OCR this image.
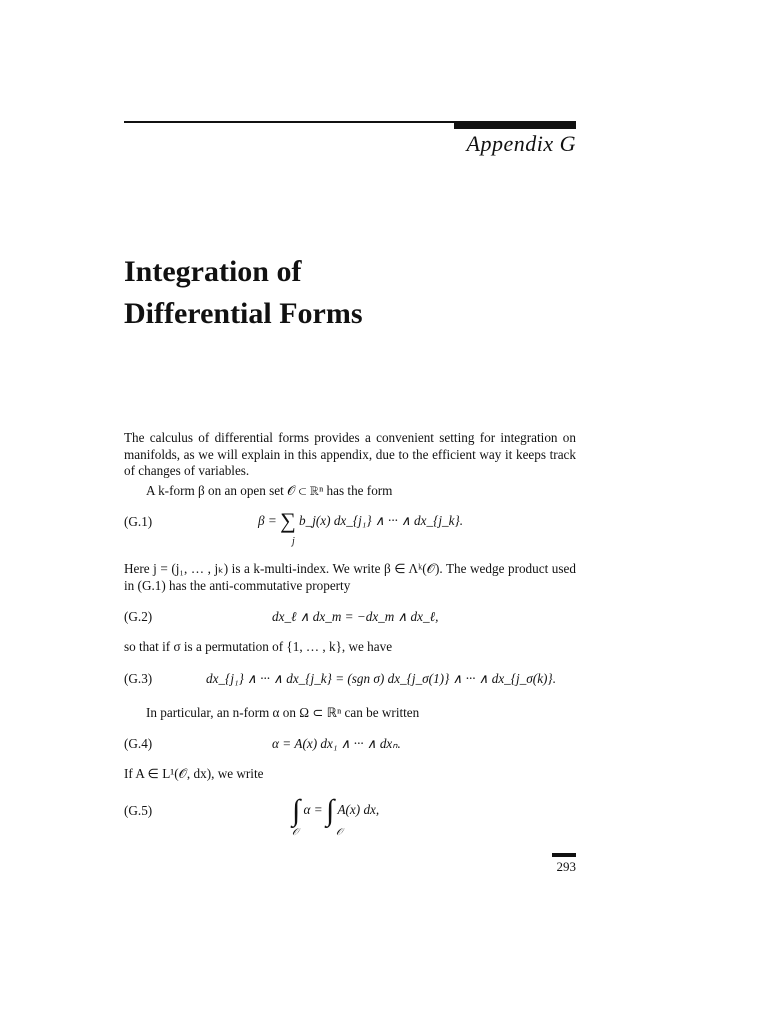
Appendix G
Integration of
Differential Forms
The calculus of differential forms provides a convenient setting for integration on manifolds, as we will explain in this appendix, due to the efficient way it keeps track of changes of variables.
A k-form β on an open set 𝒪 ⊂ ℝⁿ has the form
(G.1)	β = ∑ b_j(x) dx_{j₁} ∧ ··· ∧ dx_{j_k}.
j
Here j = (j₁, … , jₖ) is a k-multi-index. We write β ∈ Λᵏ(𝒪). The wedge product used in (G.1) has the anti-commutative property
(G.2)	dx_ℓ ∧ dx_m = −dx_m ∧ dx_ℓ,
so that if σ is a permutation of {1, … , k}, we have
(G.3)	dx_{j₁} ∧ ··· ∧ dx_{j_k} = (sgn σ) dx_{j_σ(1)} ∧ ··· ∧ dx_{j_σ(k)}.
In particular, an n-form α on Ω ⊂ ℝⁿ can be written
(G.4)	α = A(x) dx₁ ∧ ··· ∧ dxₙ.
If A ∈ L¹(𝒪, dx), we write
(G.5)	∫ α = ∫ A(x) dx,
𝒪	𝒪
293
